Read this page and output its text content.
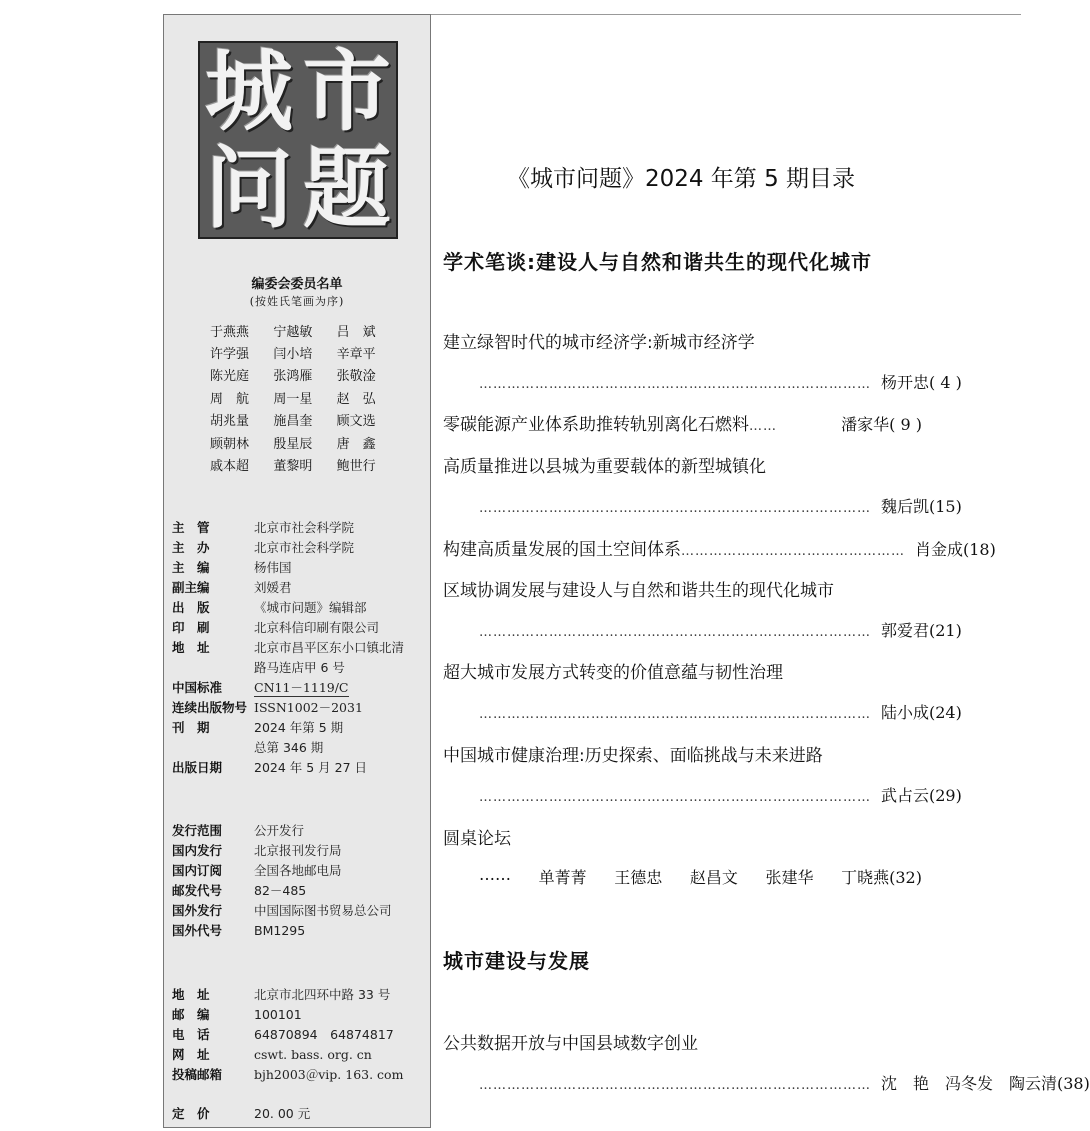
城 市
问 题
编委会委员名单
(按姓氏笔画为序)
于燕燕	宁越敏	吕　斌
许学强	闫小培	辛章平
陈光庭	张鸿雁	张敬淦
周　航	周一星	赵　弘
胡兆量	施昌奎	顾文选
顾朝林	殷星辰	唐　鑫
戚本超	董黎明	鲍世行
主　管	北京市社会科学院
主　办	北京市社会科学院
主　编	杨伟国
副主编	刘媛君
出　版	《城市问题》编辑部
印　刷	北京科信印刷有限公司
地　址	北京市昌平区东小口镇北清
路马连店甲 6 号
中国标准	CN11－1119/C
连续出版物号 ISSN1002－2031
刊　期	2024 年第 5 期
总第 346 期
出版日期	2024 年 5 月 27 日
发行范围	公开发行
国内发行	北京报刊发行局
国内订阅	全国各地邮电局
邮发代号	82－485
国外发行	中国国际图书贸易总公司
国外代号	BM1295
地　址	北京市北四环中路 33 号
邮　编	100101
电　话	64870894　64874817
网　址	cswt. bass. org. cn
投稿邮箱	bjh2003＠vip. 163. com
定　价	20. 00 元
《城市问题》2024 年第 5 期目录
学术笔谈:建设人与自然和谐共生的现代化城市
建立绿智时代的城市经济学:新城市经济学
………………………………………………………………………… 杨开忠( 4 )
零碳能源产业体系助推转轨别离化石燃料 ……	潘家华( 9 )
高质量推进以县城为重要载体的新型城镇化
………………………………………………………………………… 魏后凯(15)
构建高质量发展的国土空间体系 ………………………………………… 肖金成(18)
区域协调发展与建设人与自然和谐共生的现代化城市
………………………………………………………………………… 郭爱君(21)
超大城市发展方式转变的价值意蕴与韧性治理
………………………………………………………………………… 陆小成(24)
中国城市健康治理:历史探索、面临挑战与未来进路
………………………………………………………………………… 武占云(29)
圆桌论坛
…… 单菁菁 王德忠 赵昌文 张建华 丁晓燕(32)
城市建设与发展
公共数据开放与中国县域数字创业
………………………………………………………………………… 沈　艳　冯冬发　陶云清(38)
